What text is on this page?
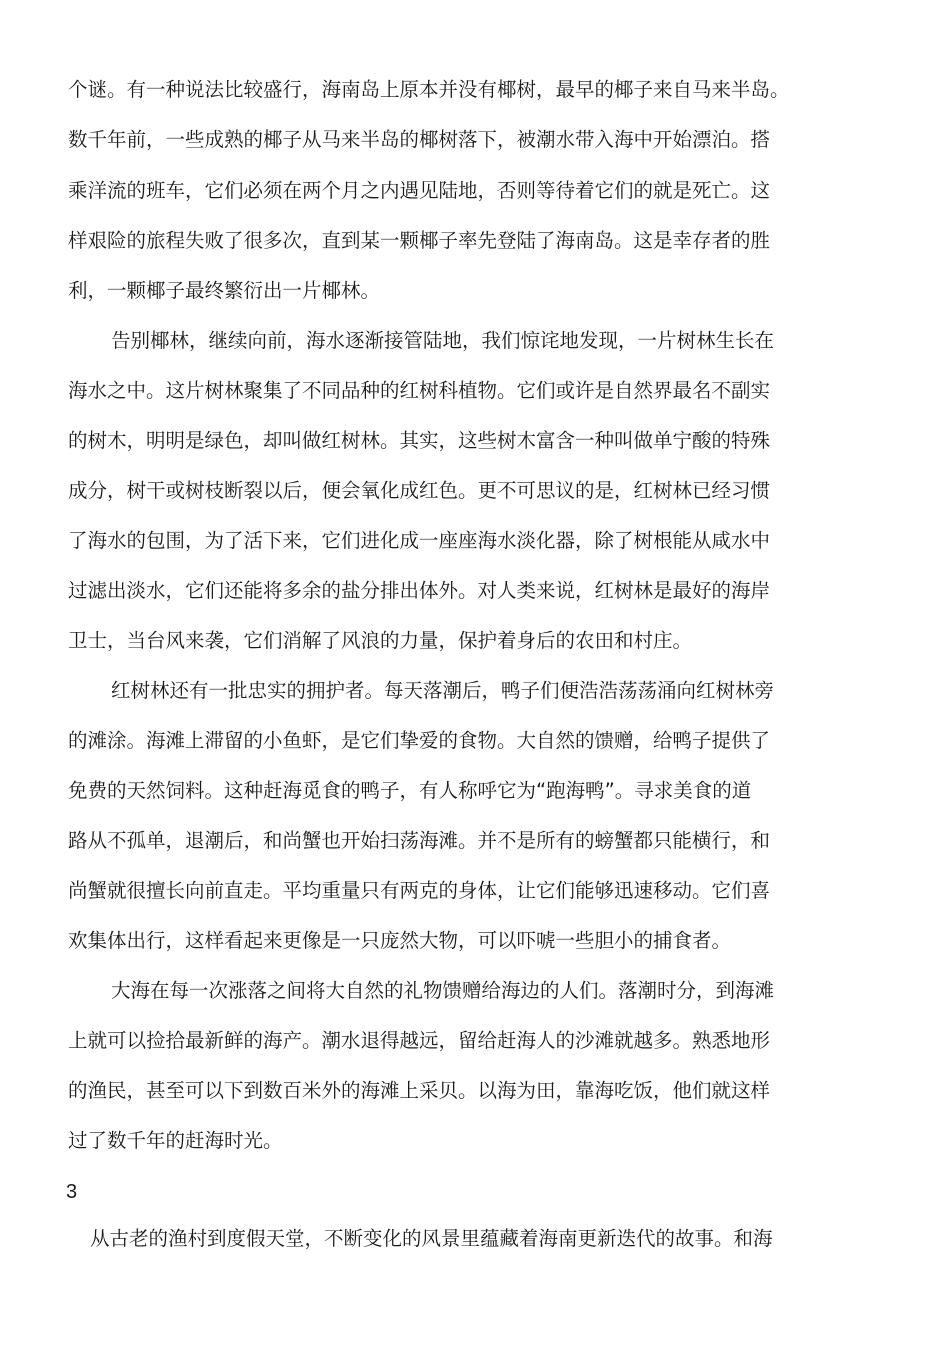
个谜。有一种说法比较盛行，海南岛上原本并没有椰树，最早的椰子来自马来半岛。
数千年前，一些成熟的椰子从马来半岛的椰树落下，被潮水带入海中开始漂泊。搭
乘洋流的班车，它们必须在两个月之内遇见陆地，否则等待着它们的就是死亡。这
样艰险的旅程失败了很多次，直到某一颗椰子率先登陆了海南岛。这是幸存者的胜
利，一颗椰子最终繁衍出一片椰林。
告别椰林，继续向前，海水逐渐接管陆地，我们惊诧地发现，一片树林生长在
海水之中。这片树林聚集了不同品种的红树科植物。它们或许是自然界最名不副实
的树木，明明是绿色，却叫做红树林。其实，这些树木富含一种叫做单宁酸的特殊
成分，树干或树枝断裂以后，便会氧化成红色。更不可思议的是，红树林已经习惯
了海水的包围，为了活下来，它们进化成一座座海水淡化器，除了树根能从咸水中
过滤出淡水，它们还能将多余的盐分排出体外。对人类来说，红树林是最好的海岸
卫士，当台风来袭，它们消解了风浪的力量，保护着身后的农田和村庄。
红树林还有一批忠实的拥护者。每天落潮后，鸭子们便浩浩荡荡涌向红树林旁
的滩涂。海滩上滞留的小鱼虾，是它们挚爱的食物。大自然的馈赠，给鸭子提供了
免费的天然饲料。这种赶海觅食的鸭子，有人称呼它为“跑海鸭”。寻求美食的道
路从不孤单，退潮后，和尚蟹也开始扫荡海滩。并不是所有的螃蟹都只能横行，和
尚蟹就很擅长向前直走。平均重量只有两克的身体，让它们能够迅速移动。它们喜
欢集体出行，这样看起来更像是一只庞然大物，可以吓唬一些胆小的捕食者。
大海在每一次涨落之间将大自然的礼物馈赠给海边的人们。落潮时分，到海滩
上就可以捡拾最新鲜的海产。潮水退得越远，留给赶海人的沙滩就越多。熟悉地形
的渔民，甚至可以下到数百米外的海滩上采贝。以海为田，靠海吃饭，他们就这样
过了数千年的赶海时光。
3
从古老的渔村到度假天堂，不断变化的风景里蕴藏着海南更新迭代的故事。和海
